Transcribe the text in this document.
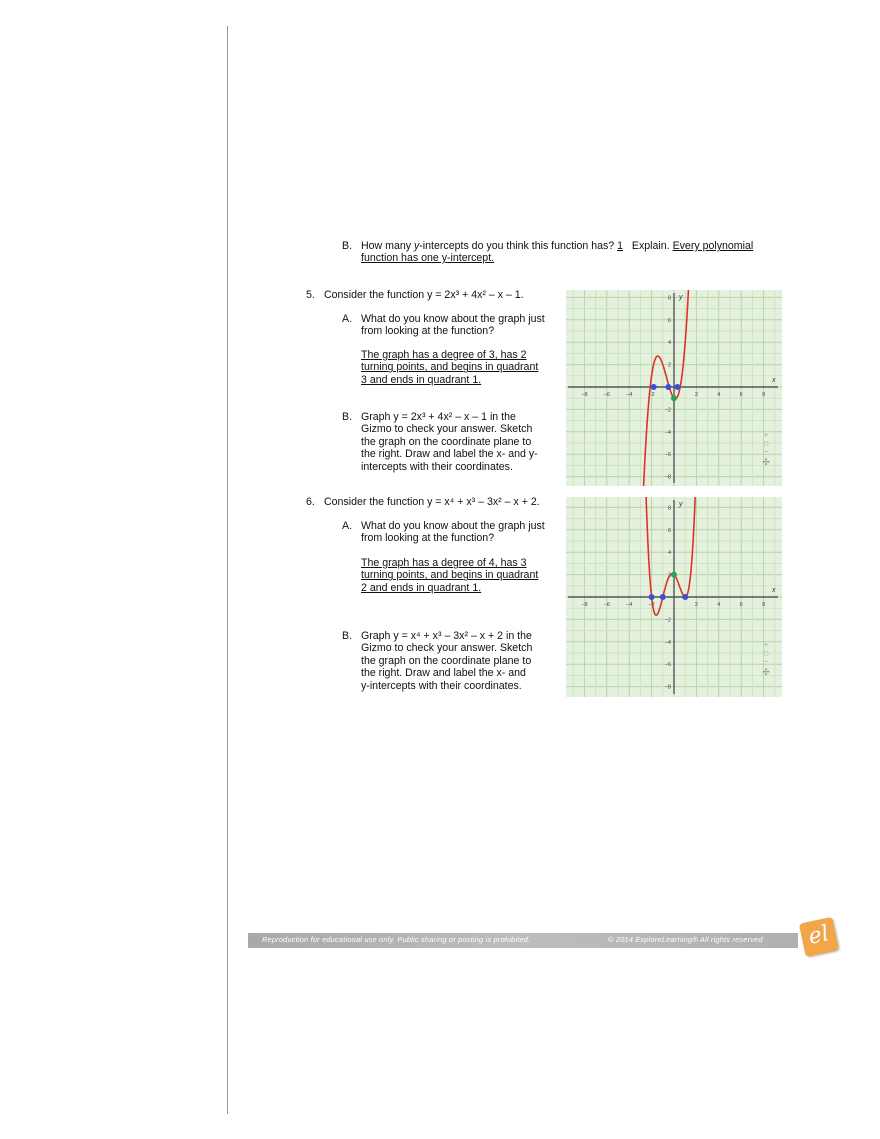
B. How many y-intercepts do you think this function has? 1 Explain. Every polynomial
function has one y-intercept.
5. Consider the function y = 2x³ + 4x² – x – 1.
A. What do you know about the graph just
from looking at the function?
The graph has a degree of 3, has 2
turning points, and begins in quadrant
3 and ends in quadrant 1.
B. Graph y = 2x³ + 4x² – x – 1 in the
Gizmo to check your answer. Sketch
the graph on the coordinate plane to
the right. Draw and label the x- and y-
intercepts with their coordinates.
6. Consider the function y = x⁴ + x³ – 3x² – x + 2.
A. What do you know about the graph just
from looking at the function?
The graph has a degree of 4, has 3
turning points, and begins in quadrant
2 and ends in quadrant 1.
B. Graph y = x⁴ + x³ – 3x² – x + 2 in the
Gizmo to check your answer. Sketch
the graph on the coordinate plane to
the right. Draw and label the x- and
y-intercepts with their coordinates.
x
y
−8	−6	−4	−2	2	4	6	8
8
6
4
2
−2
−4
−6
−8
+
○
−
✢
x
y
−8	−6	−4	−2	2	4	6	8
8
6
4
2
−2
−4
−6
−8
+
○
−
✢
Reproduction for educational use only. Public sharing or posting is prohibited.	© 2014 ExploreLearning® All rights reserved	el
